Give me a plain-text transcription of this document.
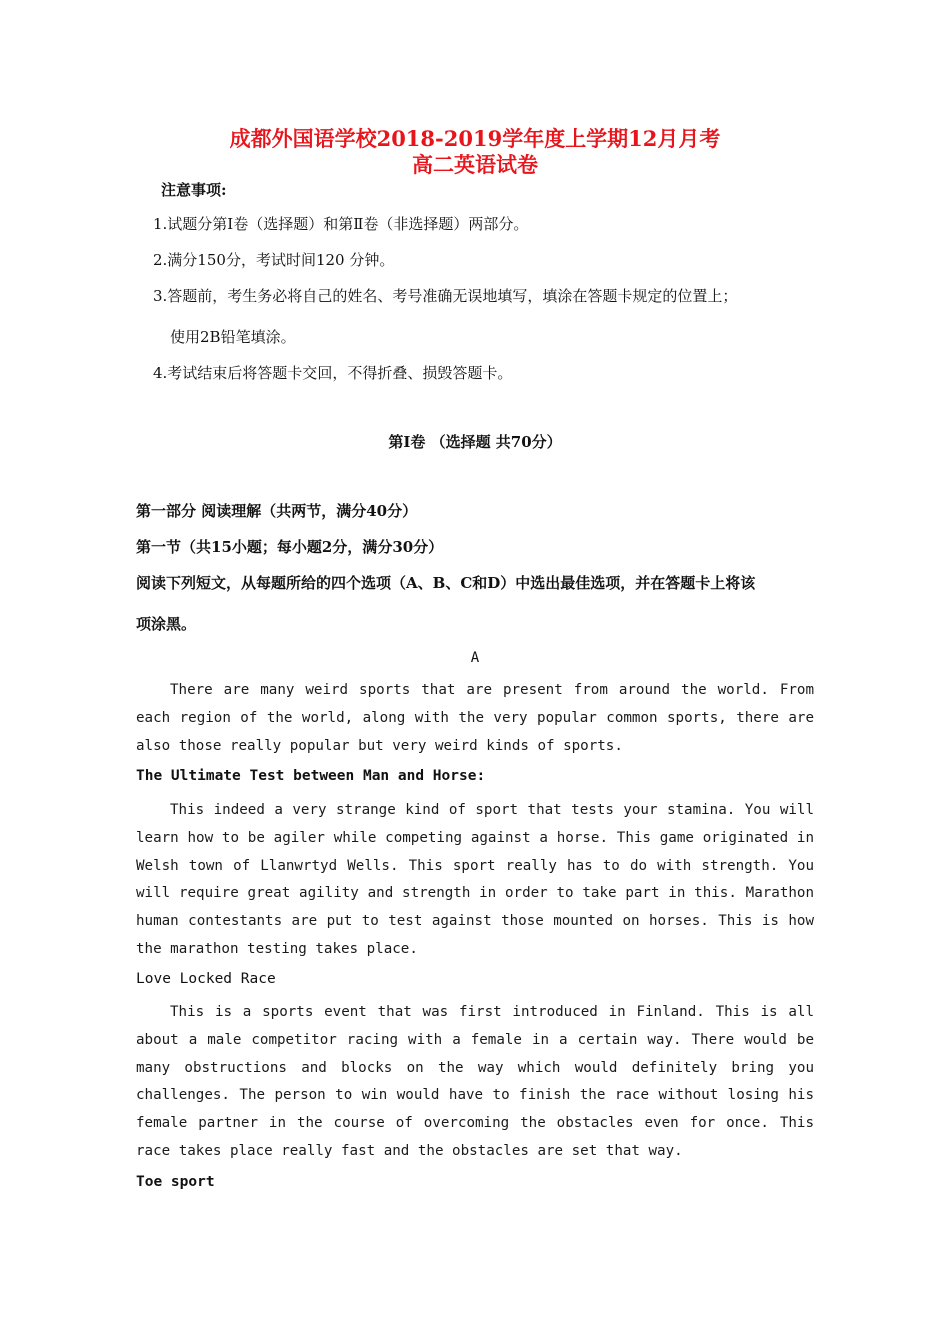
成都外国语学校2018-2019学年度上学期12月月考
高二英语试卷
注意事项:
1.试题分第Ⅰ卷（选择题）和第Ⅱ卷（非选择题）两部分。
2.满分150分，考试时间120 分钟。
3.答题前，考生务必将自己的姓名、考号准确无误地填写，填涂在答题卡规定的位置上；
使用2B铅笔填涂。
4.考试结束后将答题卡交回，不得折叠、损毁答题卡。
第Ⅰ卷 （选择题 共70分）
第一部分 阅读理解（共两节，满分40分）
第一节（共15小题；每小题2分，满分30分）
阅读下列短文，从每题所给的四个选项（A、B、C和D）中选出最佳选项，并在答题卡上将该
项涂黑。
A

There are many weird sports that are present from around the world. From each region of the world, along with the very popular common sports, there are also those really popular but very weird kinds of sports.

The Ultimate Test between Man and Horse:

This indeed a very strange kind of sport that tests your stamina. You will learn how to be agiler while competing against a horse. This game originated in Welsh town of Llanwrtyd Wells. This sport really has to do with strength. You will require great agility and strength in order to take part in this. Marathon human contestants are put to test against those mounted on horses. This is how the marathon testing takes place.

Love Locked Race

This is a sports event that was first introduced in Finland. This is all about a male competitor racing with a female in a certain way. There would be many obstructions and blocks on the way which would definitely bring you challenges. The person to win would have to finish the race without losing his female partner in the course of overcoming the obstacles even for once. This race takes place really fast and the obstacles are set that way.

Toe sport
